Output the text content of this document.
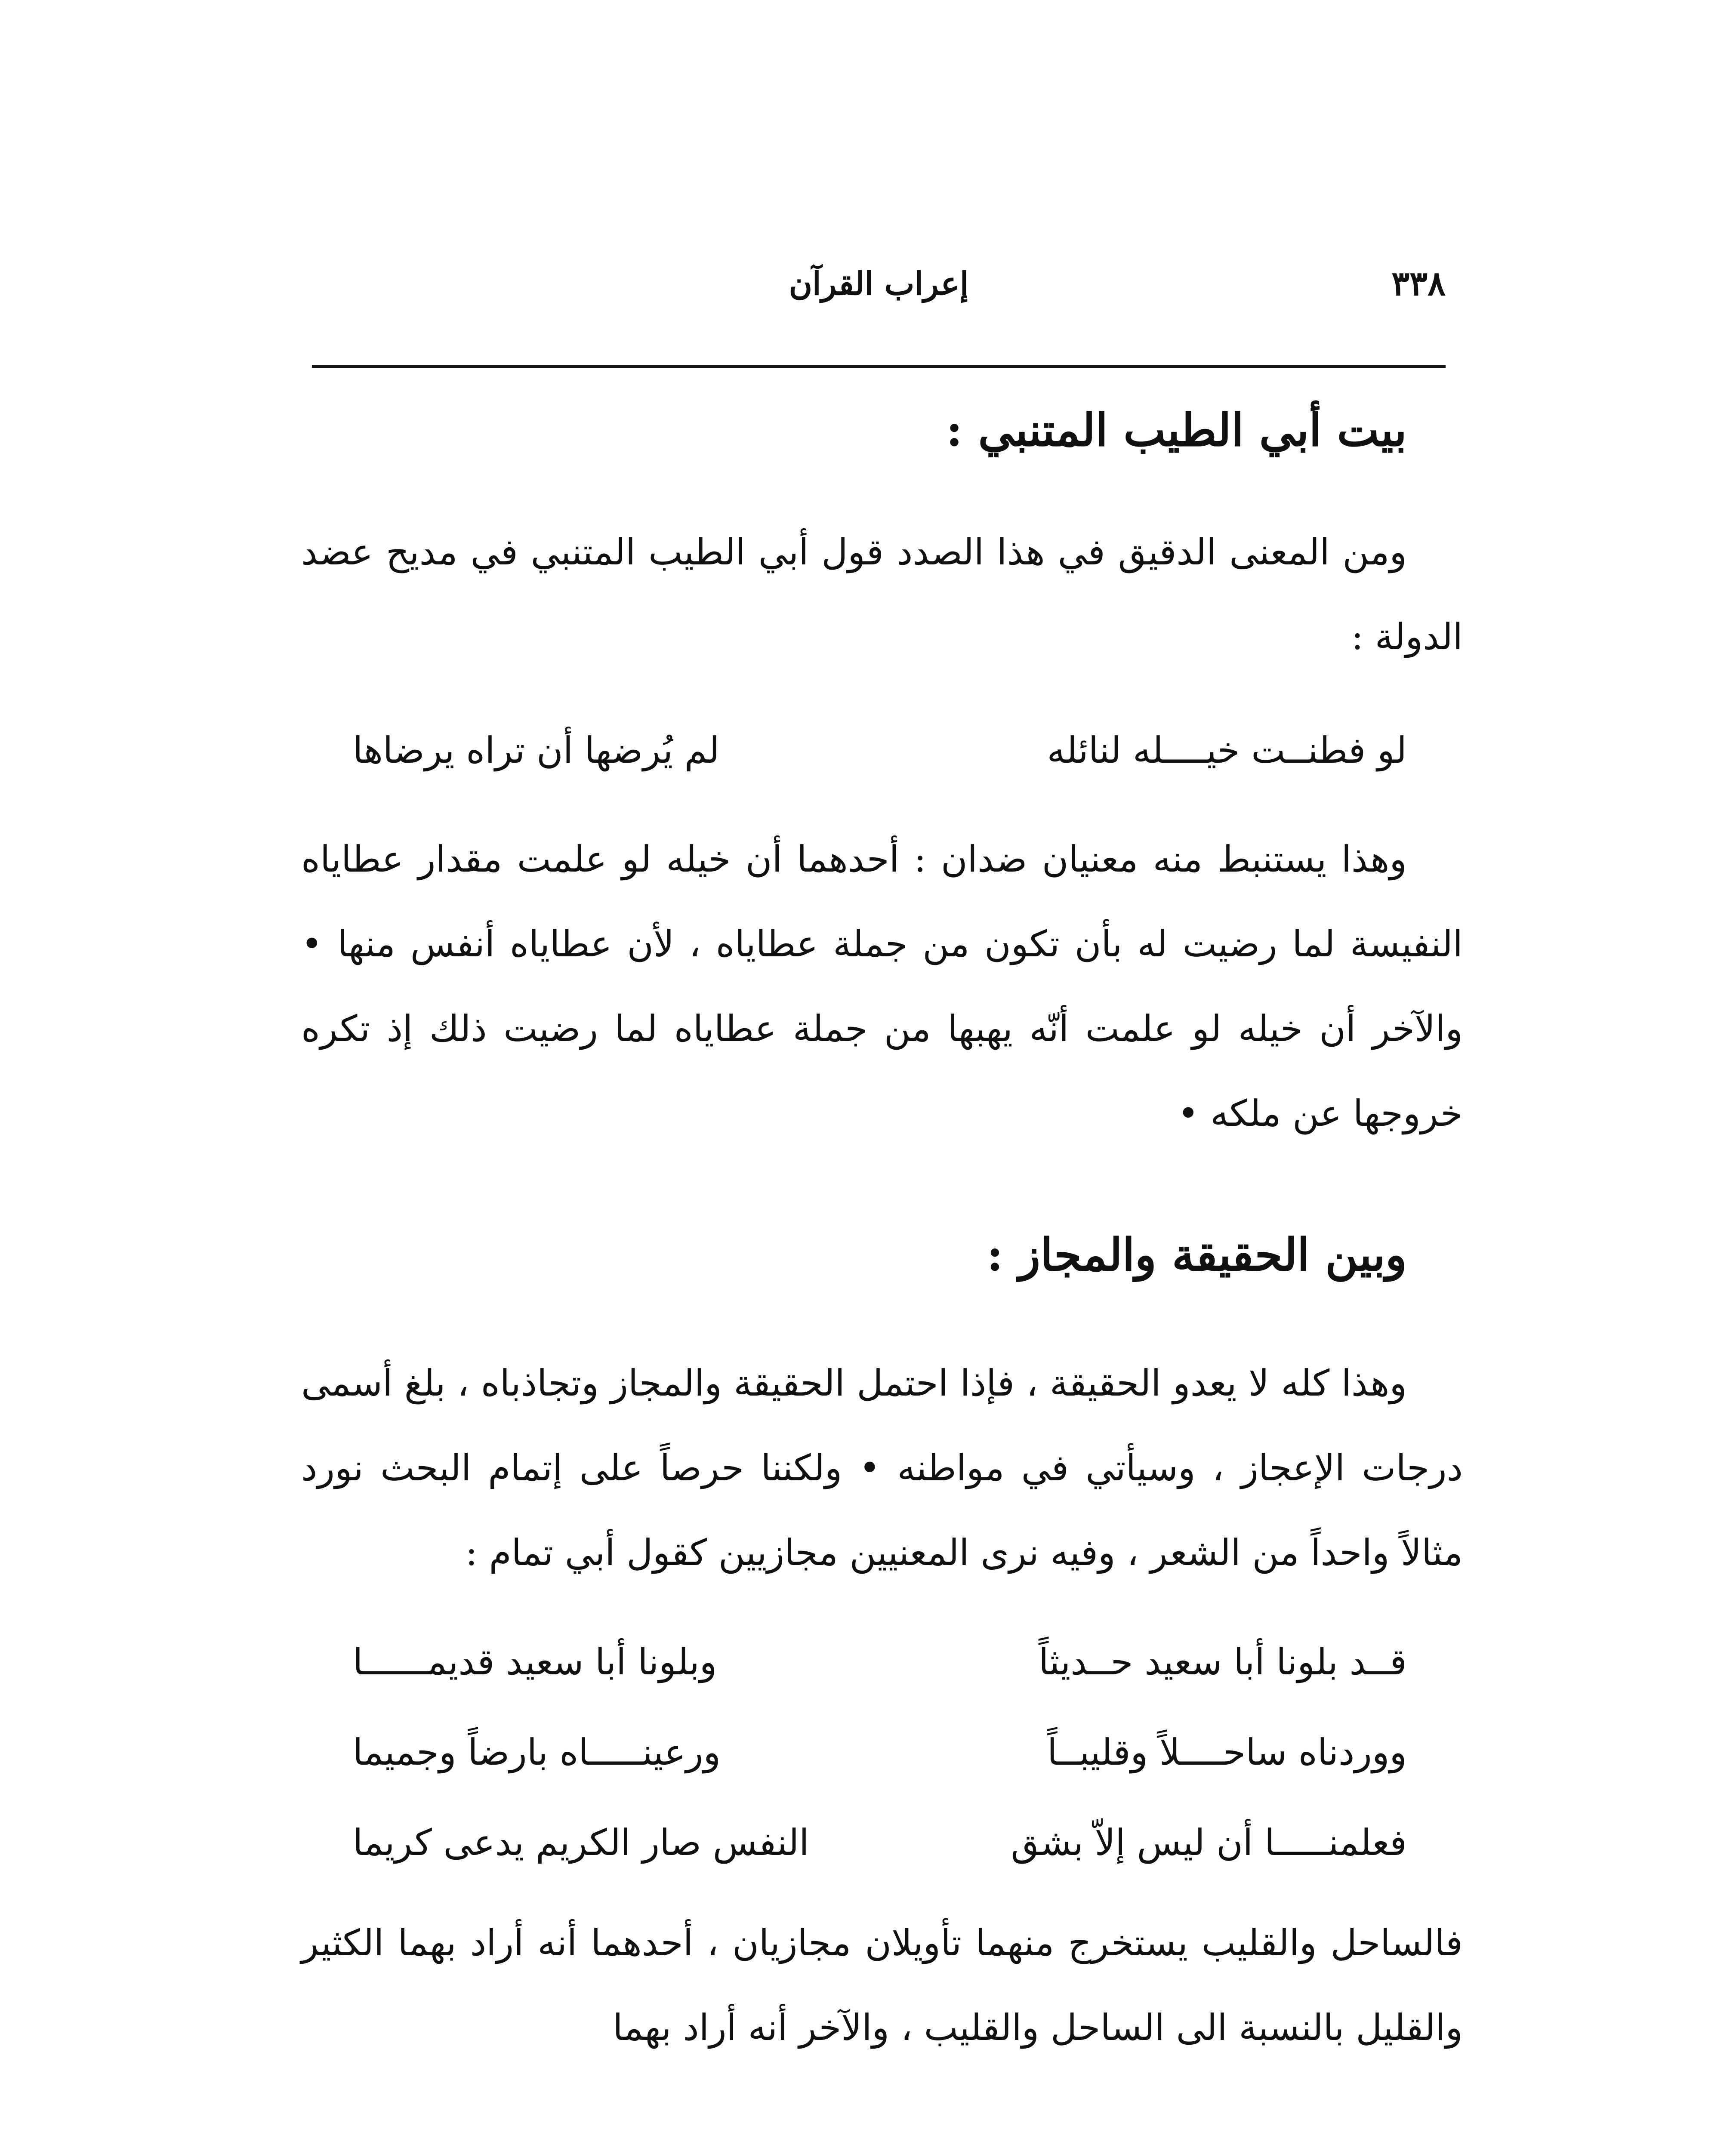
٣٣٨
إعراب القرآن
بيت أبي الطيب المتنبي :

ومن المعنى الدقيق في هذا الصدد قول أبي الطيب المتنبي في مديح عضد الدولة :

لو فطنــت خيــــله لنائله
لم يُرضها أن تراه يرضاها

وهذا يستنبط منه معنيان ضدان : أحدهما أن خيله لو علمت مقدار عطاياه النفيسة لما رضيت له بأن تكون من جملة عطاياه ، لأن عطاياه أنفس منها • والآخر أن خيله لو علمت أنّه يهبها من جملة عطاياه لما رضيت ذلك إذ تكره خروجها عن ملكه •

وبين الحقيقة والمجاز :

وهذا كله لا يعدو الحقيقة ، فإذا احتمل الحقيقة والمجاز وتجاذباه ، بلغ أسمى درجات الإعجاز ، وسيأتي في مواطنه • ولكننا حرصاً على إتمام البحث نورد مثالاً واحداً من الشعر ، وفيه نرى المعنيين مجازيين كقول أبي تمام :

قــد بلونا أبا سعيد حــديثاً
وبلونا أبا سعيد قديمــــــا
ووردناه ساحــــلاً وقليبــاً
ورعينـــــاه بارضاً وجميما
فعلمنـــــا أن ليس إلاّ بشق
النفس صار الكريم يدعى كريما

فالساحل والقليب يستخرج منهما تأويلان مجازيان ، أحدهما أنه أراد بهما الكثير والقليل بالنسبة الى الساحل والقليب ، والآخر أنه أراد بهما
